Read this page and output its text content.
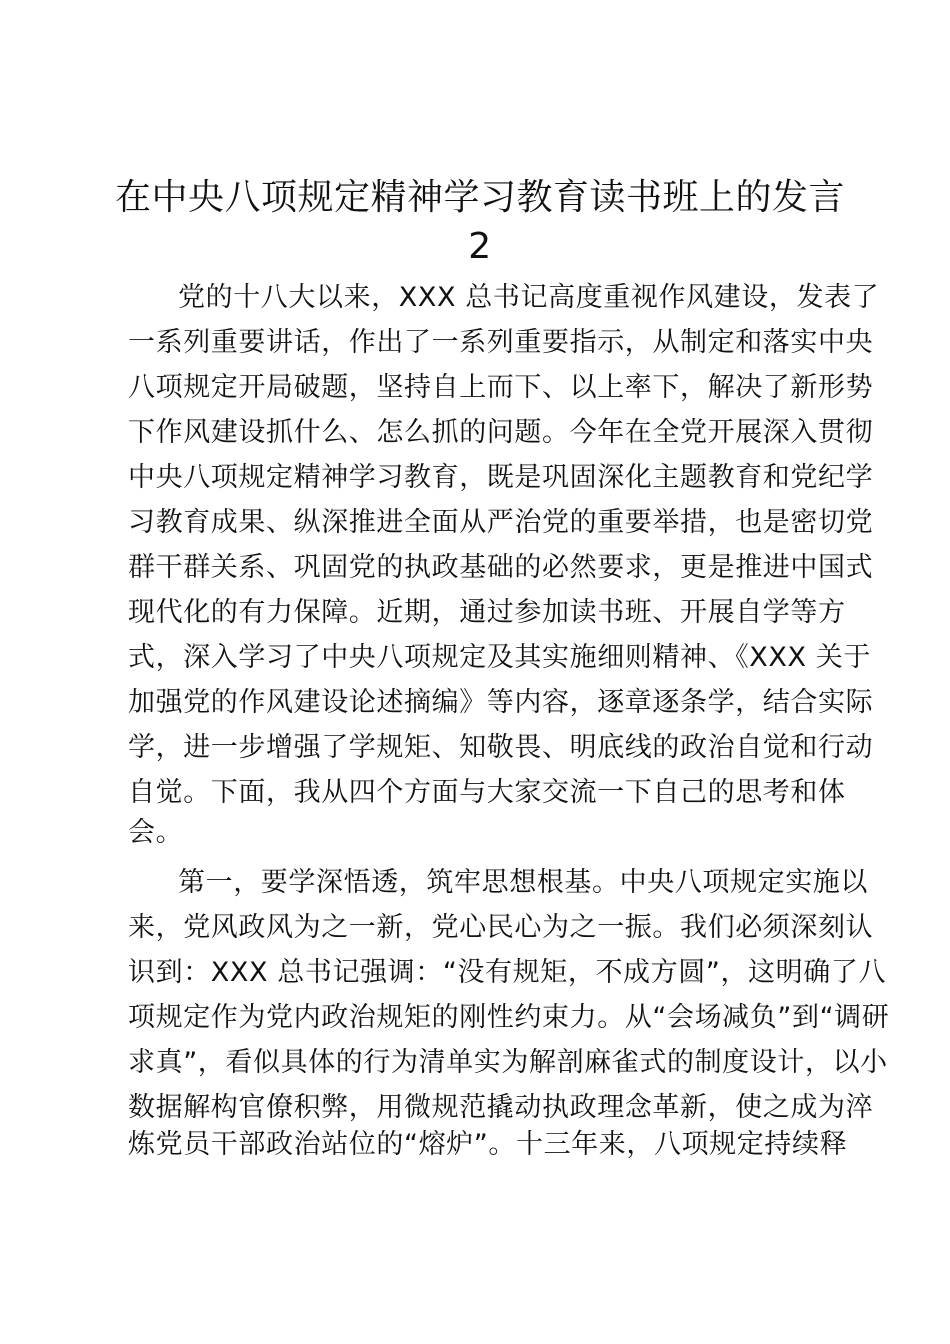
在中央八项规定精神学习教育读书班上的发言
2

党的十八大以来，XXX 总书记高度重视作风建设，发表了

一系列重要讲话，作出了一系列重要指示，从制定和落实中央

八项规定开局破题，坚持自上而下、以上率下，解决了新形势

下作风建设抓什么、怎么抓的问题。今年在全党开展深入贯彻

中央八项规定精神学习教育，既是巩固深化主题教育和党纪学

习教育成果、纵深推进全面从严治党的重要举措，也是密切党

群干群关系、巩固党的执政基础的必然要求，更是推进中国式

现代化的有力保障。近期，通过参加读书班、开展自学等方

式，深入学习了中央八项规定及其实施细则精神、《XXX 关于

加强党的作风建设论述摘编》等内容，逐章逐条学，结合实际

学，进一步增强了学规矩、知敬畏、明底线的政治自觉和行动

自觉。下面，我从四个方面与大家交流一下自己的思考和体

会。

第一，要学深悟透，筑牢思想根基。中央八项规定实施以

来，党风政风为之一新，党心民心为之一振。我们必须深刻认

识到：XXX 总书记强调：“没有规矩，不成方圆”，这明确了八

项规定作为党内政治规矩的刚性约束力。从“会场减负”到“调研

求真”，看似具体的行为清单实为解剖麻雀式的制度设计，以小

数据解构官僚积弊，用微规范撬动执政理念革新，使之成为淬

炼党员干部政治站位的“熔炉”。十三年来，八项规定持续释
